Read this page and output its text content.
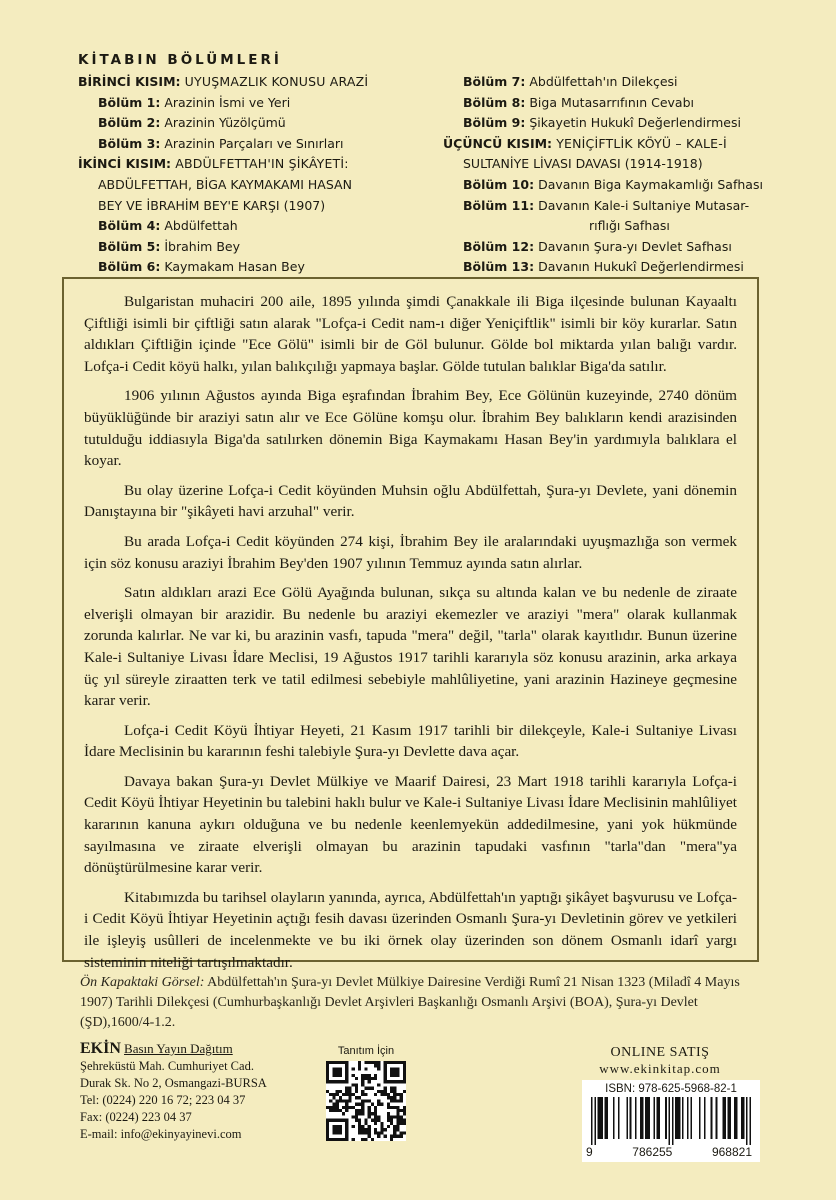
KİTABIN BÖLÜMLERİ
BİRİNCİ KISIM: UYUŞMAZLIK KONUSU ARAZİ
Bölüm 1: Arazinin İsmi ve Yeri
Bölüm 2: Arazinin Yüzölçümü
Bölüm 3: Arazinin Parçaları ve Sınırları
İKİNCİ KISIM: ABDÜLFETTAH'IN ŞİKÂYETİ:
ABDÜLFETTAH, BİGA KAYMAKAMI HASAN
BEY VE İBRAHİM BEY'E KARŞI (1907)
Bölüm 4: Abdülfettah
Bölüm 5: İbrahim Bey
Bölüm 6: Kaymakam Hasan Bey
Bölüm 7: Abdülfettah'ın Dilekçesi
Bölüm 8: Biga Mutasarrıfının Cevabı
Bölüm 9: Şikayetin Hukukî Değerlendirmesi
ÜÇÜNCÜ KISIM: YENİÇİFTLİK KÖYÜ – KALE-İ
SULTANİYE LİVASI DAVASI (1914-1918)
Bölüm 10: Davanın Biga Kaymakamlığı Safhası
Bölüm 11: Davanın Kale-i Sultaniye Mutasar-
rıflığı Safhası
Bölüm 12: Davanın Şura-yı Devlet Safhası
Bölüm 13: Davanın Hukukî Değerlendirmesi

Bulgaristan muhaciri 200 aile, 1895 yılında şimdi Çanakkale ili Biga ilçesinde bulunan Kayaaltı Çiftliği isimli bir çiftliği satın alarak "Lofça-i Cedit nam-ı diğer Yeniçiftlik" isimli bir köy kurarlar. Satın aldıkları Çiftliğin içinde "Ece Gölü" isimli bir de Göl bulunur. Gölde bol miktarda yılan balığı vardır. Lofça-i Cedit köyü halkı, yılan balıkçılığı yapmaya başlar. Gölde tutulan balıklar Biga'da satılır.

1906 yılının Ağustos ayında Biga eşrafından İbrahim Bey, Ece Gölünün kuzeyinde, 2740 dönüm büyüklüğünde bir araziyi satın alır ve Ece Gölüne komşu olur. İbrahim Bey balıkların kendi arazisinden tutulduğu iddiasıyla Biga'da satılırken dönemin Biga Kaymakamı Hasan Bey'in yardımıyla balıklara el koyar.

Bu olay üzerine Lofça-i Cedit köyünden Muhsin oğlu Abdülfettah, Şura-yı Devlete, yani dönemin Danıştayına bir "şikâyeti havi arzuhal" verir.

Bu arada Lofça-i Cedit köyünden 274 kişi, İbrahim Bey ile aralarındaki uyuşmazlığa son vermek için söz konusu araziyi İbrahim Bey'den 1907 yılının Temmuz ayında satın alırlar.

Satın aldıkları arazi Ece Gölü Ayağında bulunan, sıkça su altında kalan ve bu nedenle de ziraate elverişli olmayan bir arazidir. Bu nedenle bu araziyi ekemezler ve araziyi "mera" olarak kullanmak zorunda kalırlar. Ne var ki, bu arazinin vasfı, tapuda "mera" değil, "tarla" olarak kayıtlıdır. Bunun üzerine Kale-i Sultaniye Livası İdare Meclisi, 19 Ağustos 1917 tarihli kararıyla söz konusu arazinin, arka arkaya üç yıl süreyle ziraatten terk ve tatil edilmesi sebebiyle mahlûliyetine, yani arazinin Hazineye geçmesine karar verir.

Lofça-i Cedit Köyü İhtiyar Heyeti, 21 Kasım 1917 tarihli bir dilekçeyle, Kale-i Sultaniye Livası İdare Meclisinin bu kararının feshi talebiyle Şura-yı Devlette dava açar.

Davaya bakan Şura-yı Devlet Mülkiye ve Maarif Dairesi, 23 Mart 1918 tarihli kararıyla Lofça-i Cedit Köyü İhtiyar Heyetinin bu talebini haklı bulur ve Kale-i Sultaniye Livası İdare Meclisinin mahlûliyet kararının kanuna aykırı olduğuna ve bu nedenle keenlemyekün addedilmesine, yani yok hükmünde sayılmasına ve ziraate elverişli olmayan bu arazinin tapudaki vasfının "tarla"dan "mera"ya dönüştürülmesine karar verir.

Kitabımızda bu tarihsel olayların yanında, ayrıca, Abdülfettah'ın yaptığı şikâyet başvurusu ve Lofça-i Cedit Köyü İhtiyar Heyetinin açtığı fesih davası üzerinden Osmanlı Şura-yı Devletinin görev ve yetkileri ile işleyiş usûlleri de incelenmekte ve bu iki örnek olay üzerinden son dönem Osmanlı idarî yargı sisteminin niteliği tartışılmaktadır.

Ön Kapaktaki Görsel: Abdülfettah'ın Şura-yı Devlet Mülkiye Dairesine Verdiği Rumî 21 Nisan 1323 (Miladî 4 Mayıs 1907) Tarihli Dilekçesi (Cumhurbaşkanlığı Devlet Arşivleri Başkanlığı Osmanlı Arşivi (BOA), Şura-yı Devlet (ŞD),1600/4-1.2.
EKİN Basın Yayın Dağıtım
Şehreküstü Mah. Cumhuriyet Cad.
Durak Sk. No 2, Osmangazi-BURSA
Tel: (0224) 220 16 72; 223 04 37
Fax: (0224) 223 04 37
E-mail: info@ekinyayinevi.com
Tanıtım İçin	ONLINE SATIŞ
www.ekinkitap.com
ISBN: 978-625-5968-82-1
9	786255	968821
